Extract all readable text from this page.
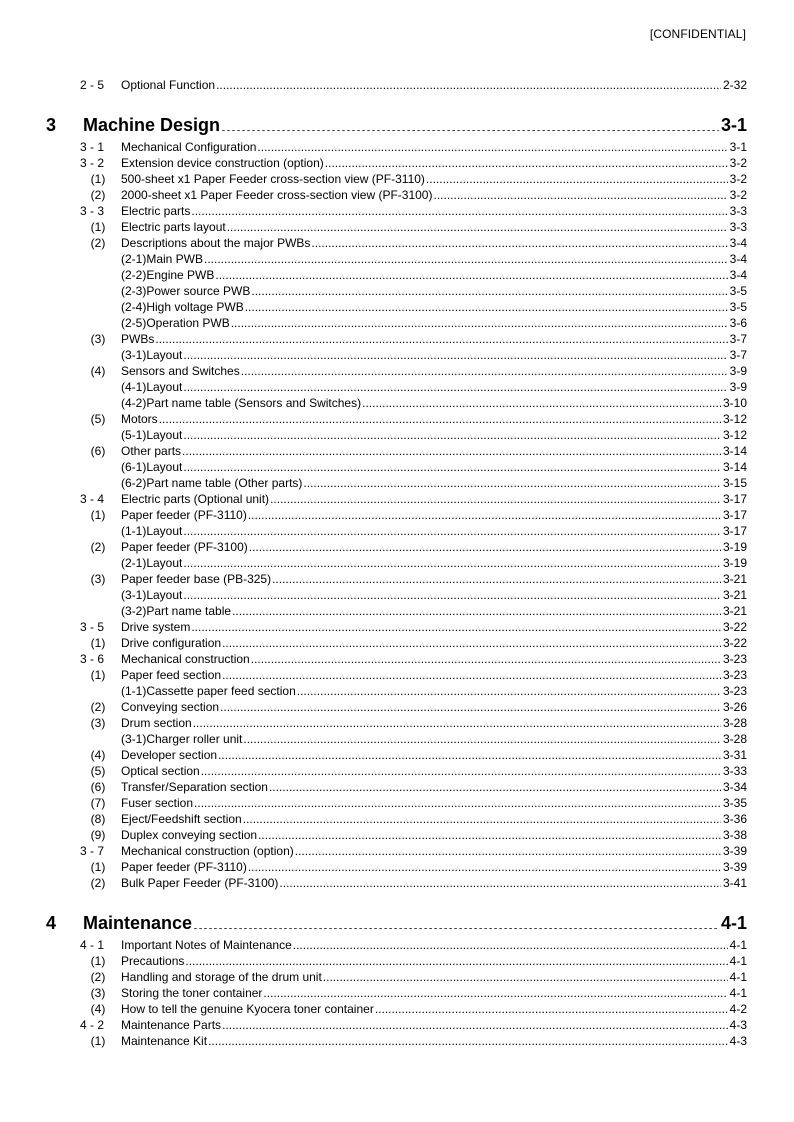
[CONFIDENTIAL]
2 - 5	Optional Function .....	2-32
3 Machine Design .....	3-1
3 - 1	Mechanical Configuration .....	3-1
3 - 2	Extension device construction (option) .....	3-2
(1)	500-sheet x1 Paper Feeder cross-section view (PF-3110) .....	3-2
(2)	2000-sheet x1 Paper Feeder cross-section view (PF-3100) .....	3-2
3 - 3	Electric parts .....	3-3
(1)	Electric parts layout .....	3-3
(2)	Descriptions about the major PWBs .....	3-4
(2-1)Main PWB .....	3-4
(2-2)Engine PWB .....	3-4
(2-3)Power source PWB .....	3-5
(2-4)High voltage PWB .....	3-5
(2-5)Operation PWB .....	3-6
(3)	PWBs .....	3-7
(3-1)Layout .....	3-7
(4)	Sensors and Switches .....	3-9
(4-1)Layout .....	3-9
(4-2)Part name table (Sensors and Switches) .....	3-10
(5)	Motors .....	3-12
(5-1)Layout .....	3-12
(6)	Other parts .....	3-14
(6-1)Layout .....	3-14
(6-2)Part name table (Other parts) .....	3-15
3 - 4	Electric parts (Optional unit) .....	3-17
(1)	Paper feeder (PF-3110) .....	3-17
(1-1)Layout .....	3-17
(2)	Paper feeder (PF-3100) .....	3-19
(2-1)Layout .....	3-19
(3)	Paper feeder base (PB-325) .....	3-21
(3-1)Layout .....	3-21
(3-2)Part name table .....	3-21
3 - 5	Drive system .....	3-22
(1)	Drive configuration .....	3-22
3 - 6	Mechanical construction .....	3-23
(1)	Paper feed section .....	3-23
(1-1)Cassette paper feed section .....	3-23
(2)	Conveying section .....	3-26
(3)	Drum section .....	3-28
(3-1)Charger roller unit .....	3-28
(4)	Developer section .....	3-31
(5)	Optical section .....	3-33
(6)	Transfer/Separation section .....	3-34
(7)	Fuser section .....	3-35
(8)	Eject/Feedshift section .....	3-36
(9)	Duplex conveying section .....	3-38
3 - 7	Mechanical construction (option) .....	3-39
(1)	Paper feeder (PF-3110) .....	3-39
(2)	Bulk Paper Feeder (PF-3100) .....	3-41
4 Maintenance .....	4-1
4 - 1	Important Notes of Maintenance .....	4-1
(1)	Precautions .....	4-1
(2)	Handling and storage of the drum unit .....	4-1
(3)	Storing the toner container .....	4-1
(4)	How to tell the genuine Kyocera toner container .....	4-2
4 - 2	Maintenance Parts .....	4-3
(1)	Maintenance Kit .....	4-3
